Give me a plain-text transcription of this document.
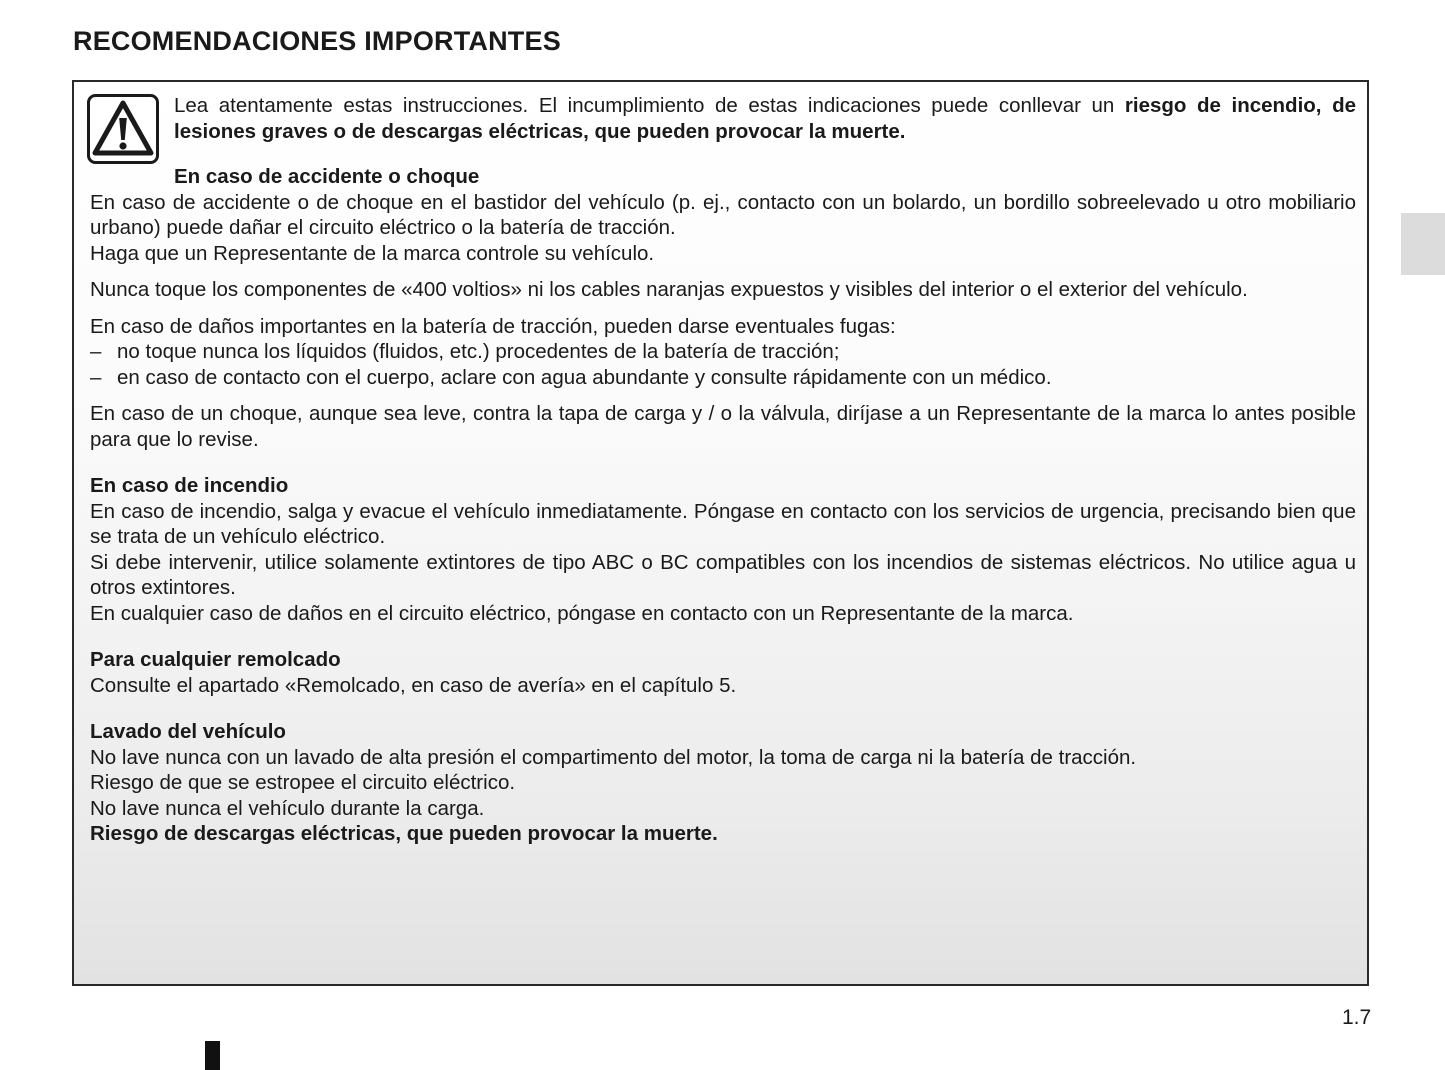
RECOMENDACIONES IMPORTANTES

Lea atentamente estas instrucciones. El incumplimiento de estas indicaciones puede conllevar un riesgo de incendio, de lesiones graves o de descargas eléctricas, que pueden provocar la muerte.

En caso de accidente o choque

En caso de accidente o de choque en el bastidor del vehículo (p. ej., contacto con un bolardo, un bordillo sobreelevado u otro mobiliario urbano) puede dañar el circuito eléctrico o la batería de tracción.

Haga que un Representante de la marca controle su vehículo.

Nunca toque los componentes de «400 voltios» ni los cables naranjas expuestos y visibles del interior o el exterior del vehículo.

En caso de daños importantes en la batería de tracción, pueden darse eventuales fugas:

– no toque nunca los líquidos (fluidos, etc.) procedentes de la batería de tracción;
– en caso de contacto con el cuerpo, aclare con agua abundante y consulte rápidamente con un médico.

En caso de un choque, aunque sea leve, contra la tapa de carga y / o la válvula, diríjase a un Representante de la marca lo antes posible para que lo revise.

En caso de incendio

En caso de incendio, salga y evacue el vehículo inmediatamente. Póngase en contacto con los servicios de urgencia, precisando bien que se trata de un vehículo eléctrico.

Si debe intervenir, utilice solamente extintores de tipo ABC o BC compatibles con los incendios de sistemas eléctricos. No utilice agua u otros extintores.

En cualquier caso de daños en el circuito eléctrico, póngase en contacto con un Representante de la marca.

Para cualquier remolcado

Consulte el apartado «Remolcado, en caso de avería» en el capítulo 5.

Lavado del vehículo

No lave nunca con un lavado de alta presión el compartimento del motor, la toma de carga ni la batería de tracción.

Riesgo de que se estropee el circuito eléctrico.

No lave nunca el vehículo durante la carga.

Riesgo de descargas eléctricas, que pueden provocar la muerte.

1.7
